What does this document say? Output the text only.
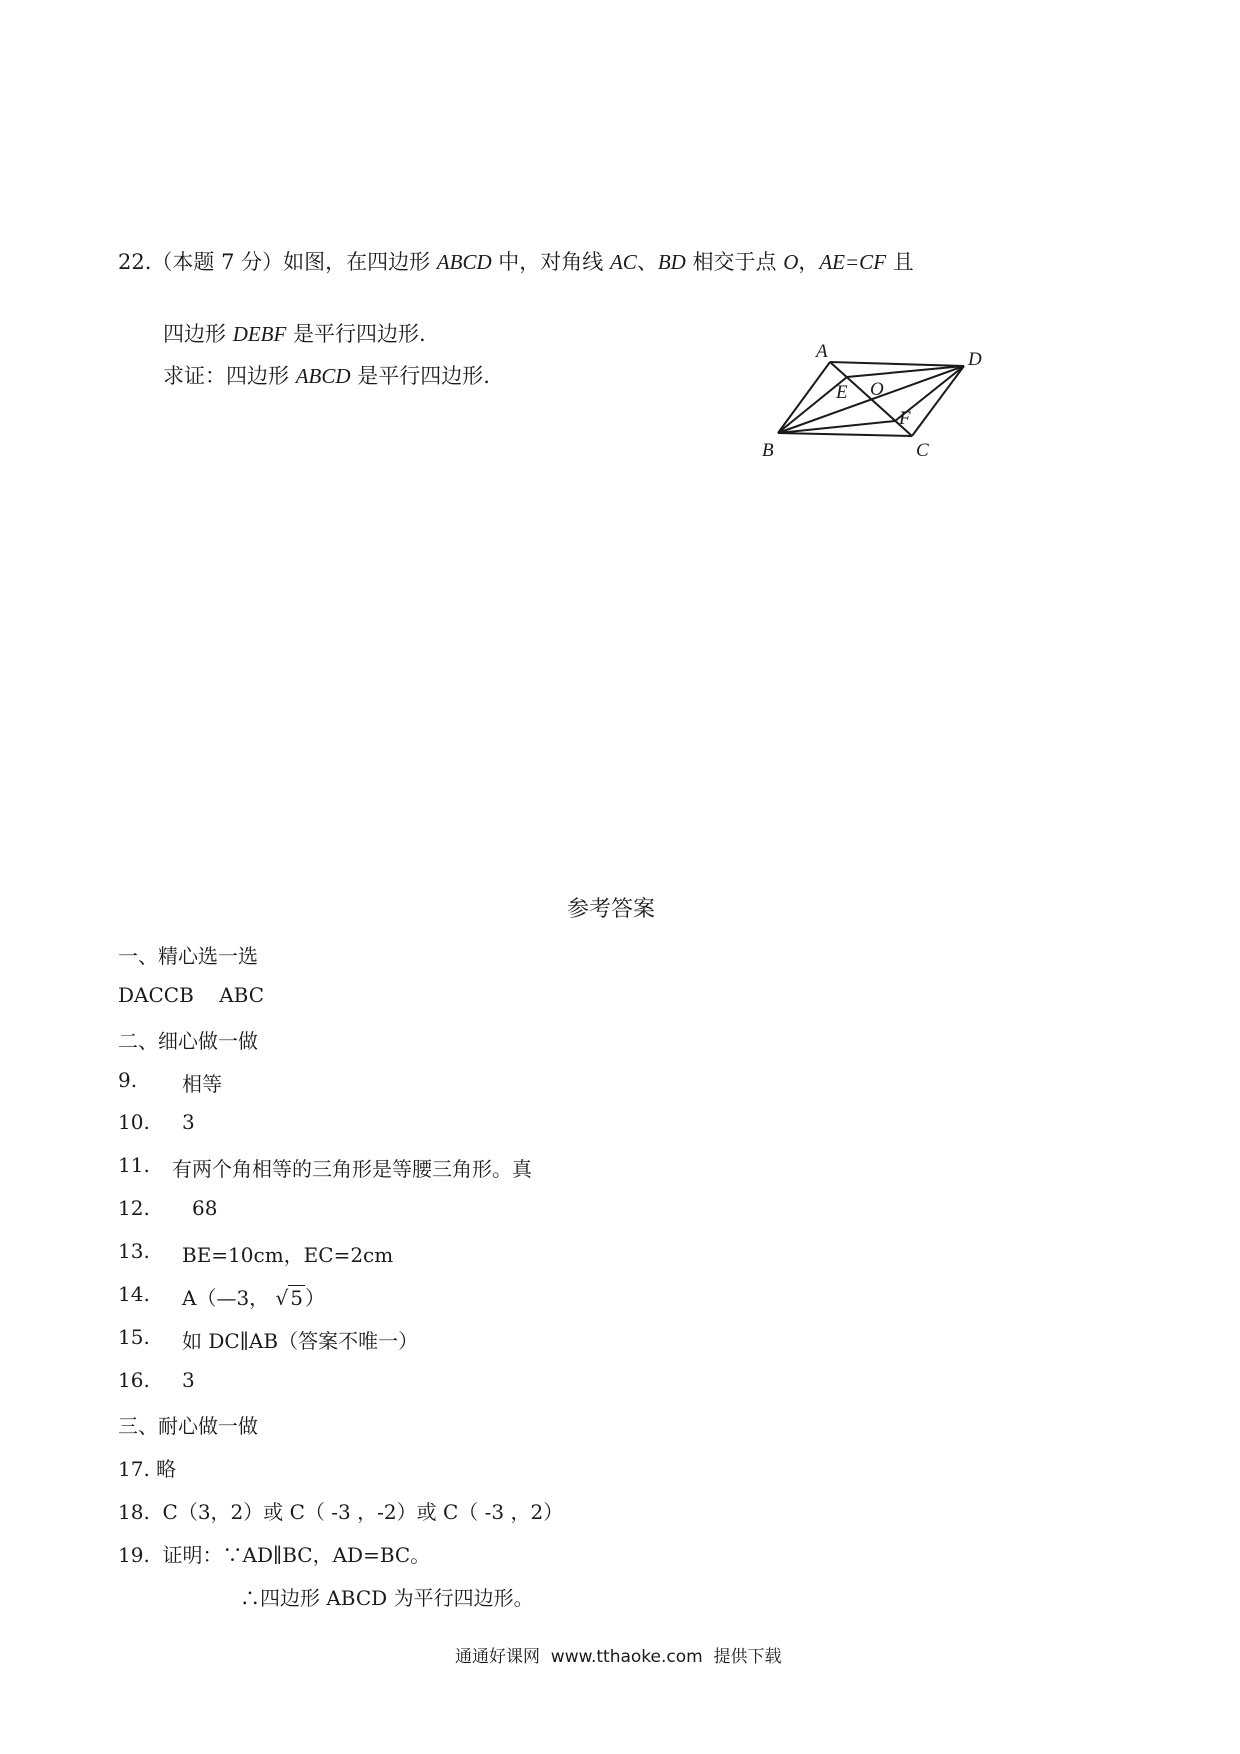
22.（本题 7 分）如图，在四边形 ABCD 中，对角线 AC、BD 相交于点 O，AE=CF 且
四边形 DEBF 是平行四边形.
求证：四边形 ABCD 是平行四边形.
A	D
B	C
E O
F
参考答案
一、精心选一选
DACCB    ABC
二、细心做一做
9. 相等
10. 3
11. 有两个角相等的三角形是等腰三角形。真
12. 68
13. BE=10cm，EC=2cm
14. A（—3， √ 5 ）
15. 如 DC∥AB（答案不唯一）
16. 3
三、耐心做一做
17. 略
18.  C（3，2）或 C（ -3 ，-2）或 C（ -3 ，2）
19.  证明：∵AD∥BC，AD=BC。
∴四边形 ABCD 为平行四边形。
通通好课网  www.tthaoke.com  提供下载
